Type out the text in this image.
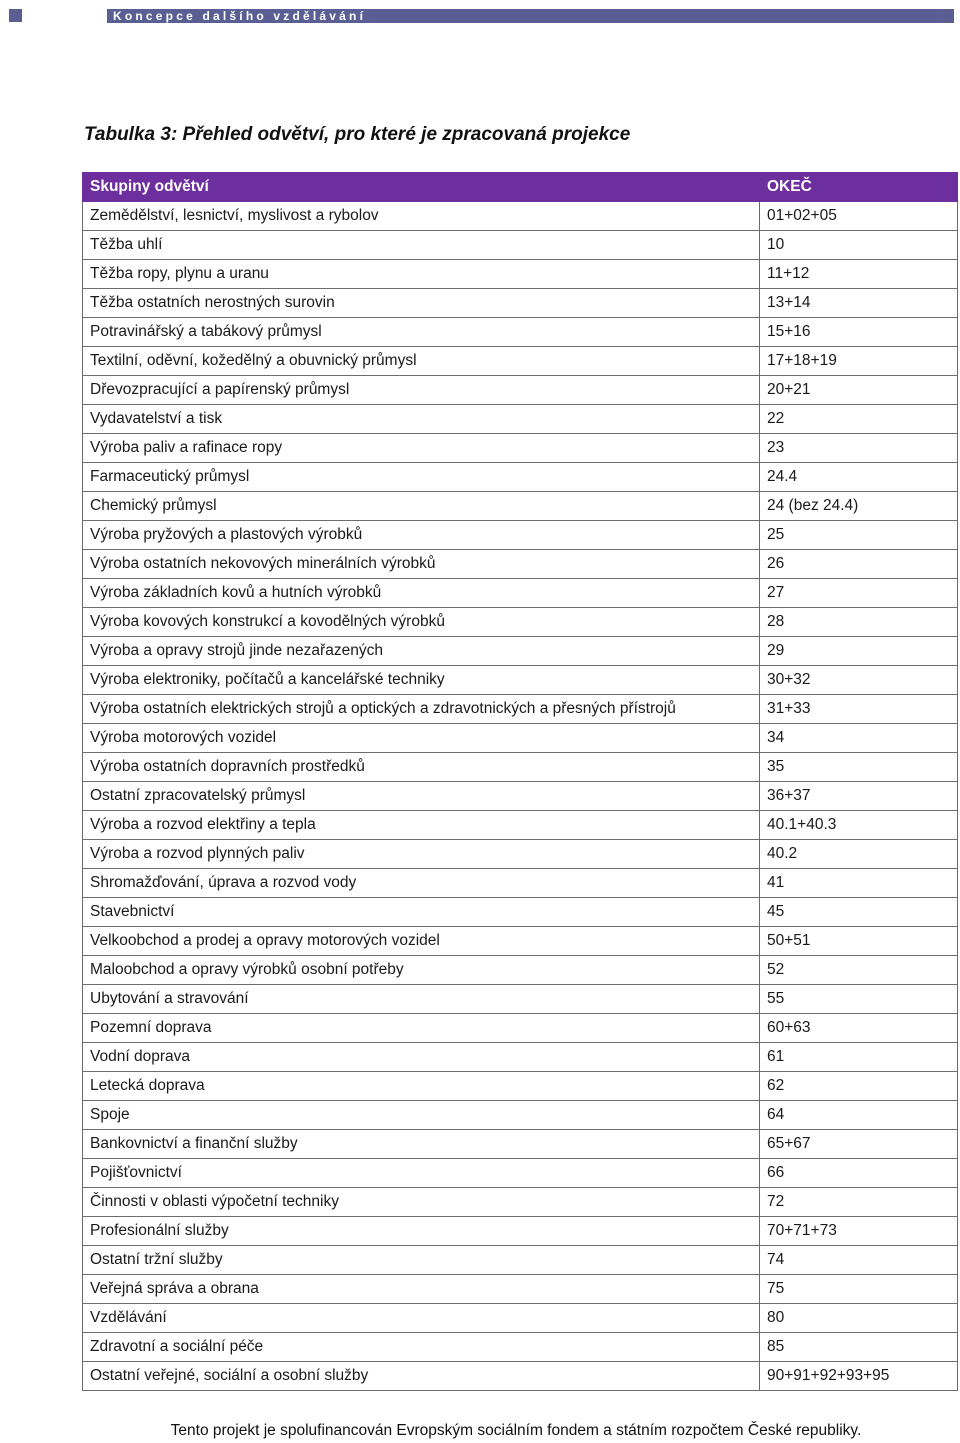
Koncepce dalšího vzdělávání
Tabulka 3: Přehled odvětví, pro které je zpracovaná projekce
Skupiny odvětví	OKEČ
Zemědělství, lesnictví, myslivost a rybolov	01+02+05
Těžba uhlí	10
Těžba ropy, plynu a uranu	11+12
Těžba ostatních nerostných surovin	13+14
Potravinářský a tabákový průmysl	15+16
Textilní, oděvní, kožedělný a obuvnický průmysl	17+18+19
Dřevozpracující a papírenský průmysl	20+21
Vydavatelství a tisk	22
Výroba paliv a rafinace ropy	23
Farmaceutický průmysl	24.4
Chemický průmysl	24 (bez 24.4)
Výroba pryžových a plastových výrobků	25
Výroba ostatních nekovových minerálních výrobků	26
Výroba základních kovů a hutních výrobků	27
Výroba kovových konstrukcí a kovodělných výrobků	28
Výroba a opravy strojů jinde nezařazených	29
Výroba elektroniky, počítačů a kancelářské techniky	30+32
Výroba ostatních elektrických strojů a optických a zdravotnických a přesných přístrojů	31+33
Výroba motorových vozidel	34
Výroba ostatních dopravních prostředků	35
Ostatní zpracovatelský průmysl	36+37
Výroba a rozvod elektřiny a tepla	40.1+40.3
Výroba a rozvod plynných paliv	40.2
Shromažďování, úprava a rozvod vody	41
Stavebnictví	45
Velkoobchod a prodej a opravy motorových vozidel	50+51
Maloobchod a opravy výrobků osobní potřeby	52
Ubytování a stravování	55
Pozemní doprava	60+63
Vodní doprava	61
Letecká doprava	62
Spoje	64
Bankovnictví a finanční služby	65+67
Pojišťovnictví	66
Činnosti v oblasti výpočetní techniky	72
Profesionální služby	70+71+73
Ostatní tržní služby	74
Veřejná správa a obrana	75
Vzdělávání	80
Zdravotní a sociální péče	85
Ostatní veřejné, sociální a osobní služby	90+91+92+93+95
Tento projekt je spolufinancován Evropským sociálním fondem a státním rozpočtem České republiky.
